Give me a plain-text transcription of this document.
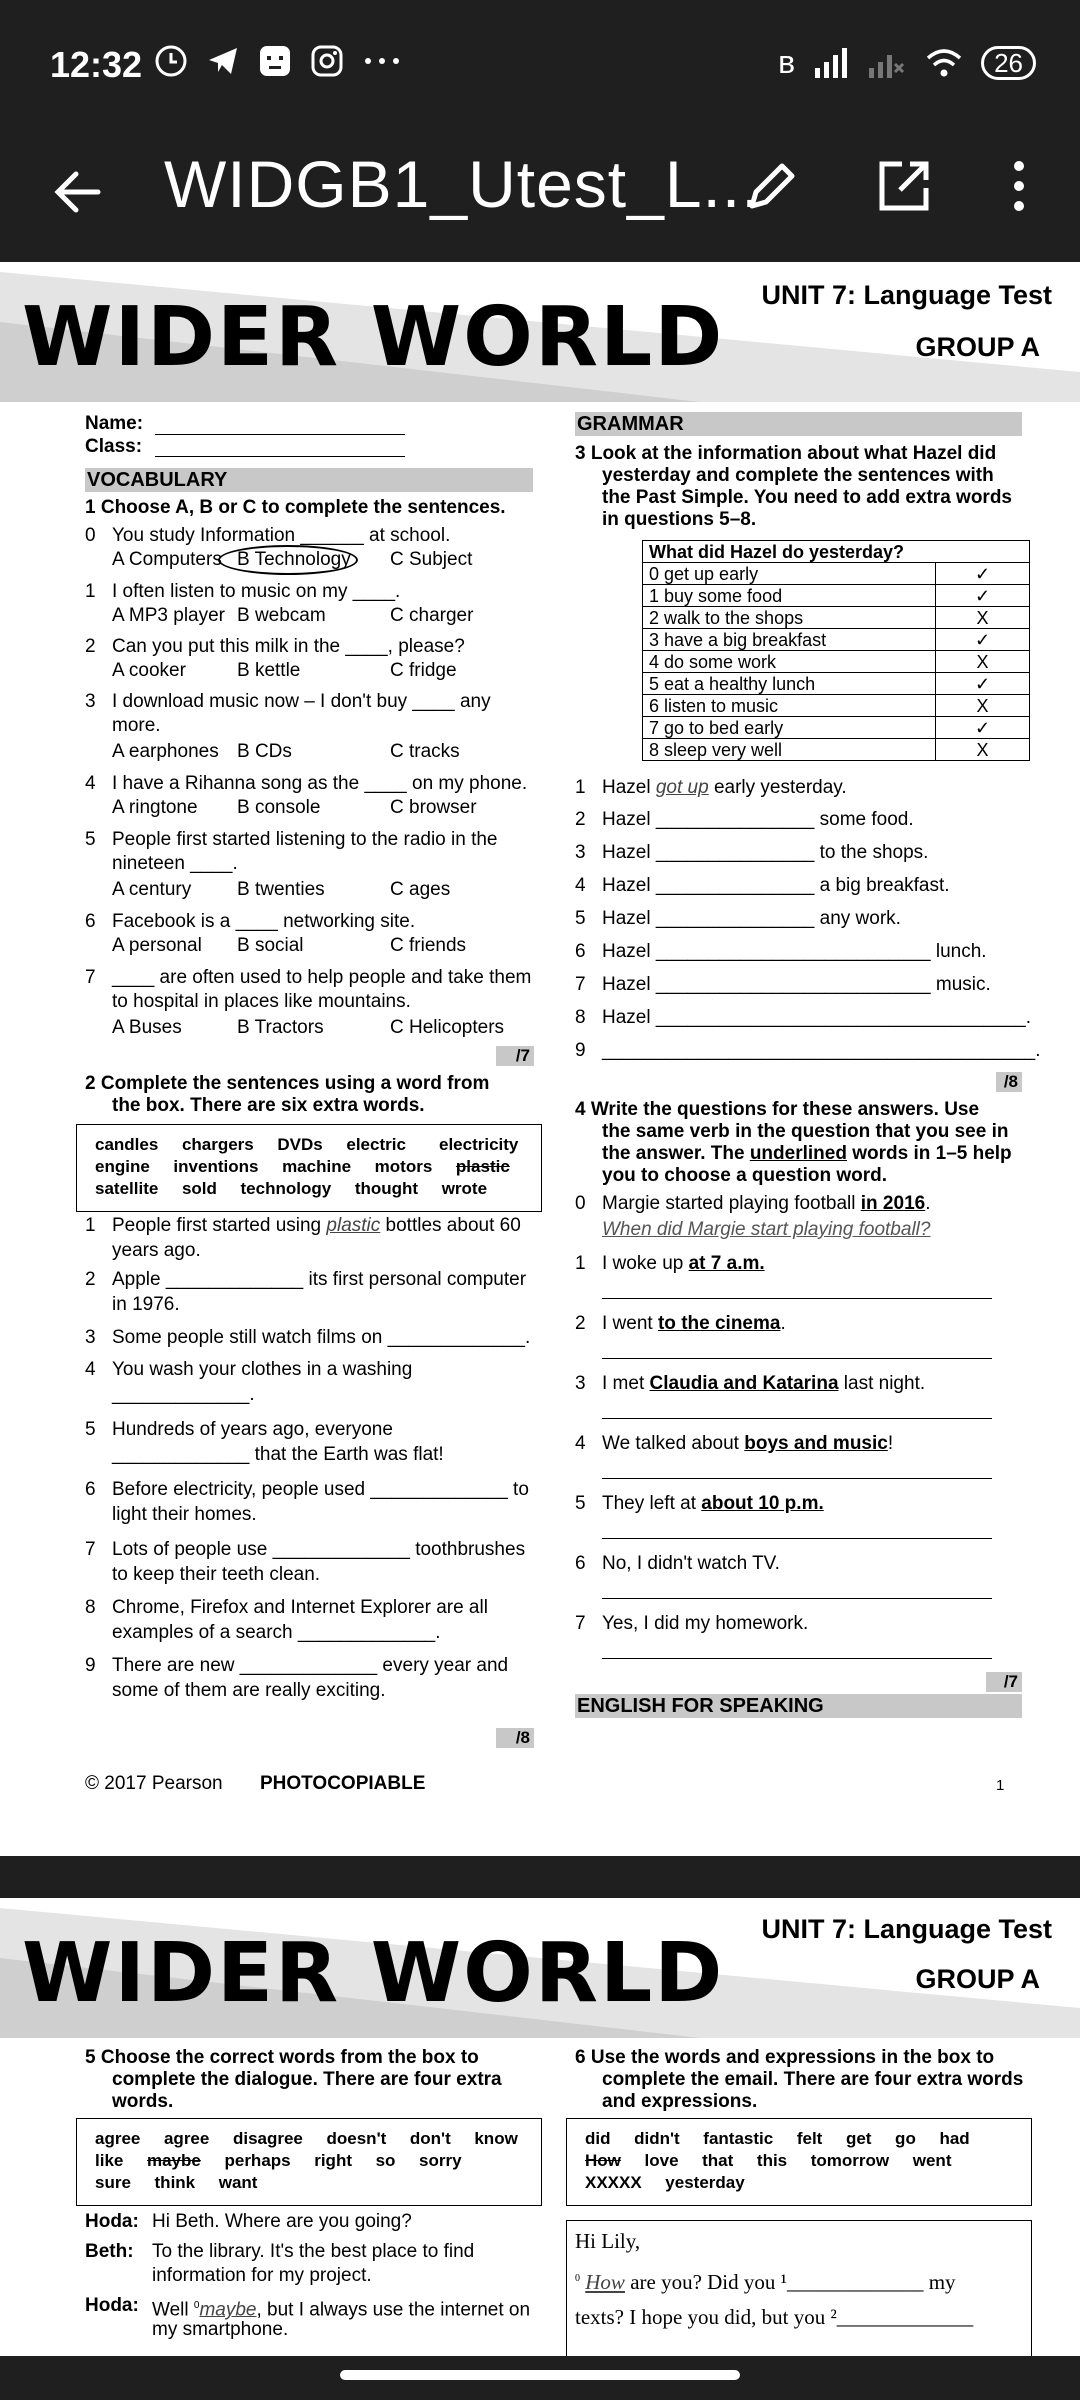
12:32	ʙ	26
WIDGB1_Utest_L...
WIDER WORLD UNIT 7: Language Test
GROUP A
Name:
Class:
VOCABULARY
1 Choose A, B or C to complete the sentences.
0 You study Information ______ at school.
A Computers B Technology C Subject
1 I often listen to music on my ____.
A MP3 player B webcam	C charger
2 Can you put this milk in the ____, please?
A cooker	B kettle	C fridge
3 I download music now – I don't buy ____ any
more.
A earphones B CDs	C tracks
4 I have a Rihanna song as the ____ on my phone.
A ringtone B console	C browser
5 People first started listening to the radio in the
nineteen ____.
A century B twenties	C ages
6 Facebook is a ____ networking site.
A personal B social	C friends
7 ____ are often used to help people and take them
to hospital in places like mountains.
A Buses	B Tractors	C Helicopters
/7
2 Complete the sentences using a word from
the box. There are six extra words.
candles chargers DVDs electric electricity
engine inventions machine motors plastic
satellite sold technology thought wrote
1 People first started using plastic bottles about 60
years ago.
2 Apple _____________ its first personal computer
in 1976.
3 Some people still watch films on _____________.
4 You wash your clothes in a washing
_____________.
5 Hundreds of years ago, everyone
_____________ that the Earth was flat!
6 Before electricity, people used _____________ to
light their homes.
7 Lots of people use _____________ toothbrushes
to keep their teeth clean.
8 Chrome, Firefox and Internet Explorer are all
examples of a search _____________.
9 There are new _____________ every year and
some of them are really exciting.
/8
© 2017 Pearson PHOTOCOPIABLE	1
GRAMMAR
3 Look at the information about what Hazel did
yesterday and complete the sentences with
the Past Simple. You need to add extra words
in questions 5–8.
What did Hazel do yesterday?	
0 get up early	✓
1 buy some food	✓
2 walk to the shops	X
3 have a big breakfast	✓
4 do some work	X
5 eat a healthy lunch	✓
6 listen to music	X
7 go to bed early	✓
8 sleep very well	X
1 Hazel got up early yesterday.
2 Hazel _______________ some food.
3 Hazel _______________ to the shops.
4 Hazel _______________ a big breakfast.
5 Hazel _______________ any work.
6 Hazel __________________________ lunch.
7 Hazel __________________________ music.
8 Hazel ___________________________________.
9 _________________________________________.
/8
4 Write the questions for these answers. Use
the same verb in the question that you see in
the answer. The underlined words in 1–5 help
you to choose a question word.
0 Margie started playing football in 2016.
When did Margie start playing football?
1 I woke up at 7 a.m.
2 I went to the cinema.
3 I met Claudia and Katarina last night.
4 We talked about boys and music!
5 They left at about 10 p.m.
6 No, I didn't watch TV.
7 Yes, I did my homework.
/7
ENGLISH FOR SPEAKING
WIDER WORLD UNIT 7: Language Test
GROUP A
5 Choose the correct words from the box to
complete the dialogue. There are four extra
words.
agree     agree     disagree     doesn't     don't     know
like     maybe     perhaps     right     so     sorry
sure     think     want
Hoda: Hi Beth. Where are you going?
Beth: To the library. It's the best place to find
information for my project.
Hoda: Well $^0$maybe, but I always use the internet on
my smartphone.
6 Use the words and expressions in the box to
complete the email. There are four extra words
and expressions.
did     didn't     fantastic     felt     get     go     had
How     love     that     this     tomorrow     went
XXXXX     yesterday
Hi Lily,
$^0$ How are you? Did you ¹_____________ my
texts? I hope you did, but you ²_____________
